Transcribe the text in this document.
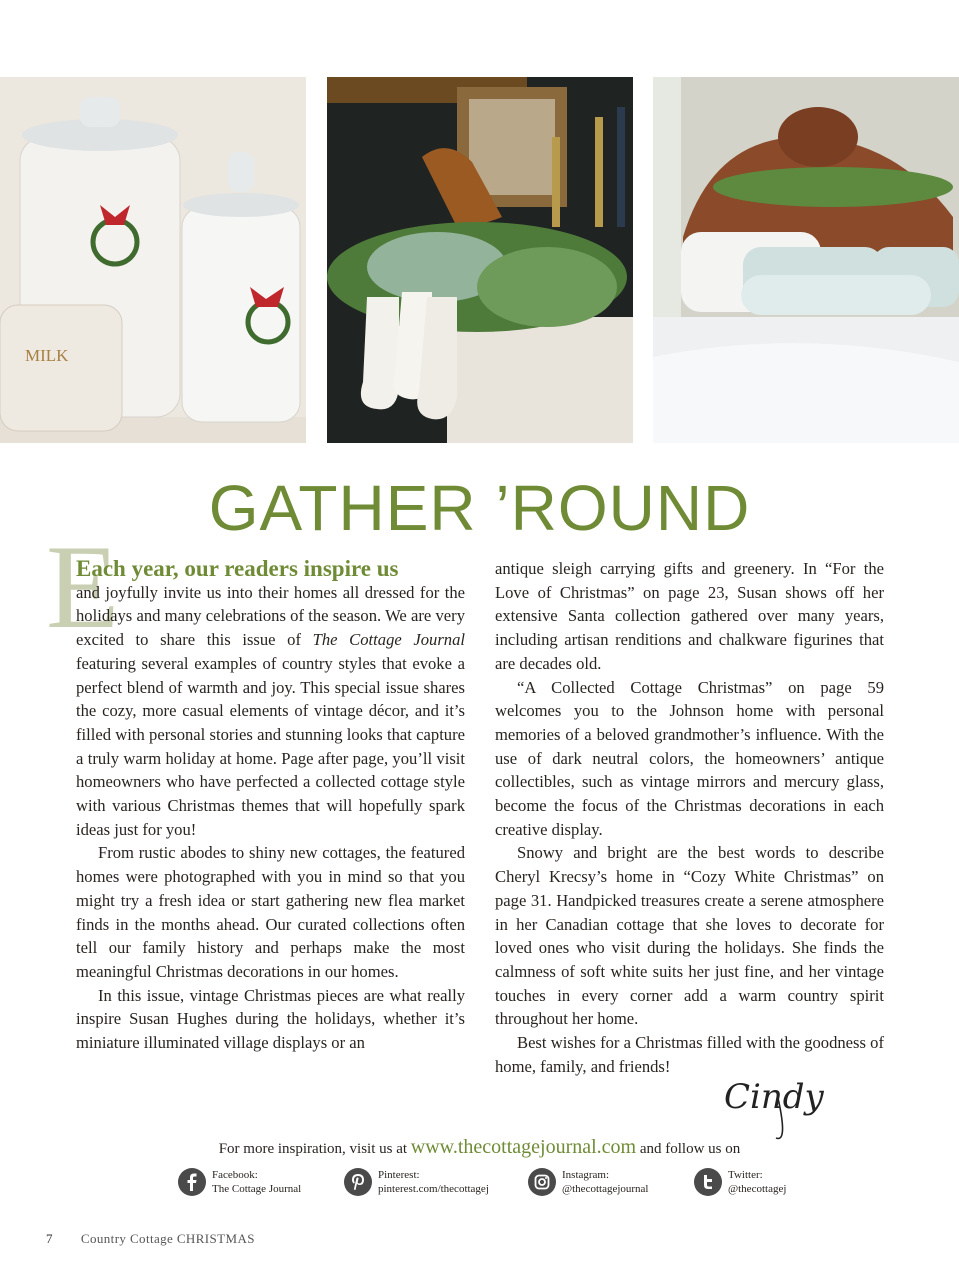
MILK
GATHER ’ROUND
E
Each year, our readers inspire us

and joyfully invite us into their homes all dressed for the holidays and many celebrations of the season. We are very excited to share this issue of The Cottage Journal featuring several examples of country styles that evoke a perfect blend of warmth and joy. This special issue shares the cozy, more casual elements of vintage décor, and it’s filled with personal stories and stunning looks that capture a truly warm holiday at home. Page after page, you’ll visit homeowners who have perfected a collected cottage style with various Christmas themes that will hopefully spark ideas just for you!

From rustic abodes to shiny new cottages, the featured homes were photographed with you in mind so that you might try a fresh idea or start gathering new flea market finds in the months ahead. Our curated collections often tell our family history and perhaps make the most meaningful Christmas decorations in our homes.

In this issue, vintage Christmas pieces are what really inspire Susan Hughes during the holidays, whether it’s miniature illuminated village displays or an

antique sleigh carrying gifts and greenery. In “For the Love of Christmas” on page 23, Susan shows off her extensive Santa collection gathered over many years, including artisan renditions and chalkware figurines that are decades old.

“A Collected Cottage Christmas” on page 59 welcomes you to the Johnson home with personal memories of a beloved grandmother’s influence. With the use of dark neutral colors, the homeowners’ antique collectibles, such as vintage mirrors and mercury glass, become the focus of the Christmas decorations in each creative display.

Snowy and bright are the best words to describe Cheryl Krecsy’s home in “Cozy White Christmas” on page 31. Handpicked treasures create a serene atmosphere in her Canadian cottage that she loves to decorate for loved ones who visit during the holidays. She finds the calmness of soft white suits her just fine, and her vintage touches in every corner add a warm country spirit throughout her home.

Best wishes for a Christmas filled with the goodness of home, family, and friends!

Cindy
For more inspiration, visit us at www.thecottagejournal.com and follow us on
Facebook:
The Cottage Journal
Pinterest:
pinterest.com/thecottagej
Instagram:
@thecottagejournal
Twitter:
@thecottagej
7 Country Cottage CHRISTMAS
